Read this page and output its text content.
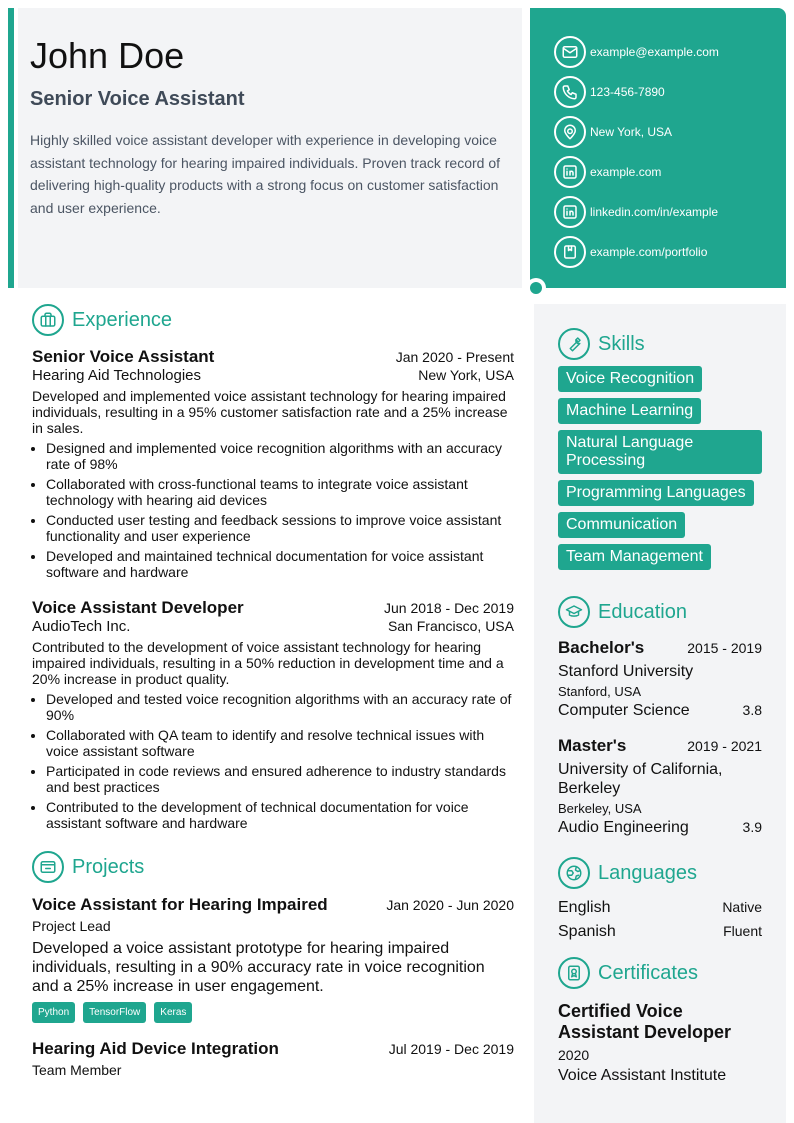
John Doe
Senior Voice Assistant

Highly skilled voice assistant developer with experience in developing voice assistant technology for hearing impaired individuals. Proven track record of delivering high-quality products with a strong focus on customer satisfaction and user experience.

example@example.com
123-456-7890
New York, USA
example.com
linkedin.com/in/example
example.com/portfolio
Experience
Senior Voice Assistant	Jan 2020 - Present
Hearing Aid Technologies	New York, USA

Developed and implemented voice assistant technology for hearing impaired individuals, resulting in a 95% customer satisfaction rate and a 25% increase in sales.

• Designed and implemented voice recognition algorithms with an accuracy rate of 98%
• Collaborated with cross-functional teams to integrate voice assistant technology with hearing aid devices
• Conducted user testing and feedback sessions to improve voice assistant functionality and user experience
• Developed and maintained technical documentation for voice assistant software and hardware
Voice Assistant Developer	Jun 2018 - Dec 2019
AudioTech Inc.	San Francisco, USA

Contributed to the development of voice assistant technology for hearing impaired individuals, resulting in a 50% reduction in development time and a 20% increase in product quality.

• Developed and tested voice recognition algorithms with an accuracy rate of 90%
• Collaborated with QA team to identify and resolve technical issues with voice assistant software
• Participated in code reviews and ensured adherence to industry standards and best practices
• Contributed to the development of technical documentation for voice assistant software and hardware
Projects
Voice Assistant for Hearing Impaired	Jan 2020 - Jun 2020
Project Lead

Developed a voice assistant prototype for hearing impaired individuals, resulting in a 90% accuracy rate in voice recognition and a 25% increase in user engagement.

Python	TensorFlow	Keras
Hearing Aid Device Integration	Jul 2019 - Dec 2019
Team Member
Skills
Voice Recognition
Machine Learning
Natural Language Processing
Programming Languages
Communication
Team Management
Education
Bachelor's	2015 - 2019
Stanford University
Stanford, USA
Computer Science	3.8
Master's	2019 - 2021
University of California, Berkeley
Berkeley, USA
Audio Engineering	3.9
Languages
English	Native
Spanish	Fluent
Certificates
Certified Voice Assistant Developer
2020
Voice Assistant Institute
